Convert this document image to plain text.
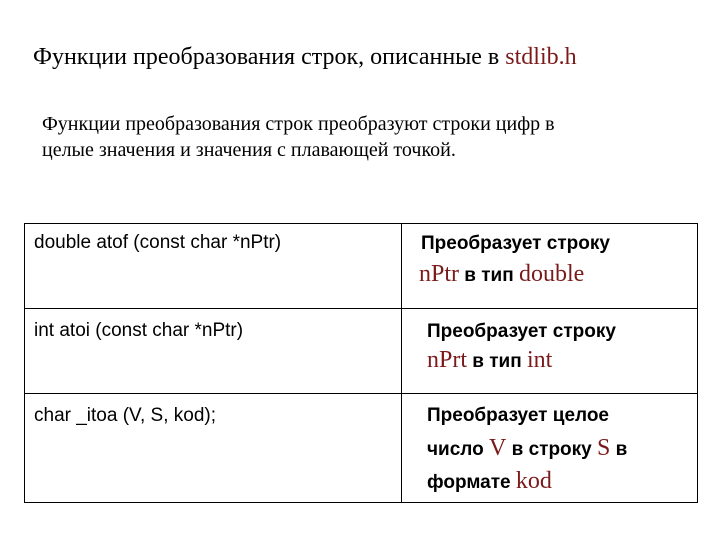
Функции преобразования строк, описанные в stdlib.h
Функции преобразования строк преобразуют строки цифр в
целые значения и значения с плавающей точкой.
double atof (const char *nPtr)	Преобразует строку
nPtr в тип double
int atoi (const char *nPtr)	Преобразует строку
nPrt в тип int
char _itoa (V, S, kod);	Преобразует целое
число V в строку S в
формате kod
